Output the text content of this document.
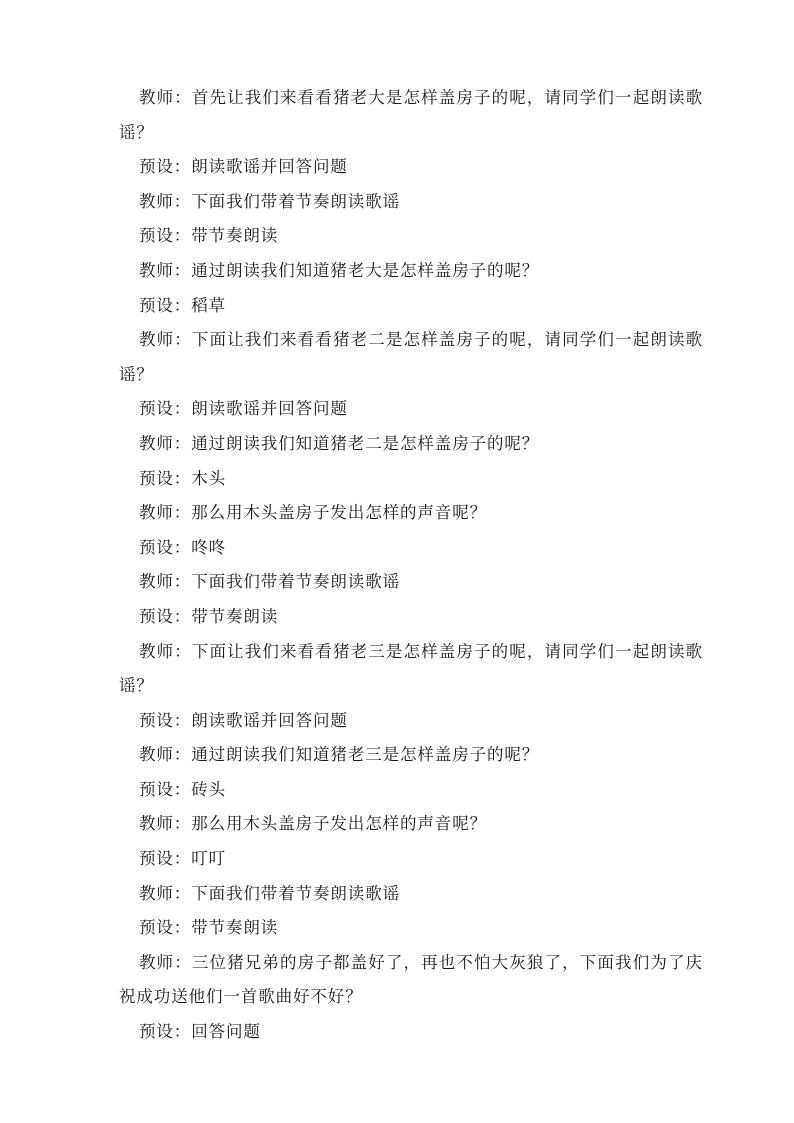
教师：首先让我们来看看猪老大是怎样盖房子的呢，请同学们一起朗读歌谣？

预设：朗读歌谣并回答问题

教师：下面我们带着节奏朗读歌谣

预设：带节奏朗读

教师：通过朗读我们知道猪老大是怎样盖房子的呢？

预设：稻草

教师：下面让我们来看看猪老二是怎样盖房子的呢，请同学们一起朗读歌谣？

预设：朗读歌谣并回答问题

教师：通过朗读我们知道猪老二是怎样盖房子的呢？

预设：木头

教师：那么用木头盖房子发出怎样的声音呢？

预设：咚咚

教师：下面我们带着节奏朗读歌谣

预设：带节奏朗读

教师：下面让我们来看看猪老三是怎样盖房子的呢，请同学们一起朗读歌谣？

预设：朗读歌谣并回答问题

教师：通过朗读我们知道猪老三是怎样盖房子的呢？

预设：砖头

教师：那么用木头盖房子发出怎样的声音呢？

预设：叮叮

教师：下面我们带着节奏朗读歌谣

预设：带节奏朗读

教师：三位猪兄弟的房子都盖好了，再也不怕大灰狼了，下面我们为了庆祝成功送他们一首歌曲好不好？

预设：回答问题
